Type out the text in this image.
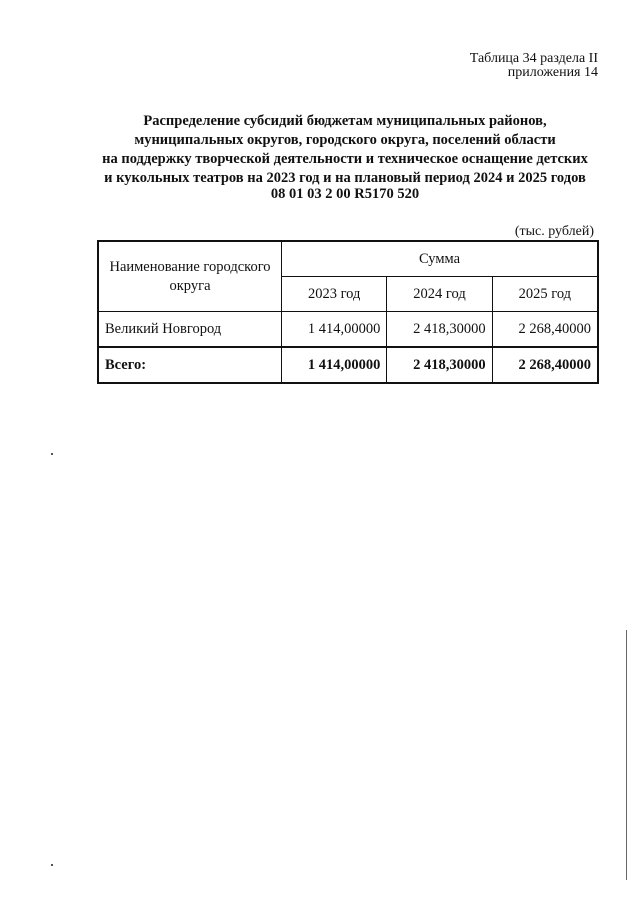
Таблица 34 раздела II
приложения 14
Распределение субсидий бюджетам муниципальных районов,
муниципальных округов, городского округа, поселений области
на поддержку творческой деятельности и техническое оснащение детских
и кукольных театров на 2023 год и на плановый период 2024 и 2025 годов
08 01 03 2 00 R5170 520
(тыс. рублей)
Наименование городского округа	Сумма		
	2023 год	2024 год	2025 год
Великий Новгород	1 414,00000	2 418,30000	2 268,40000
Всего:	1 414,00000	2 418,30000	2 268,40000
